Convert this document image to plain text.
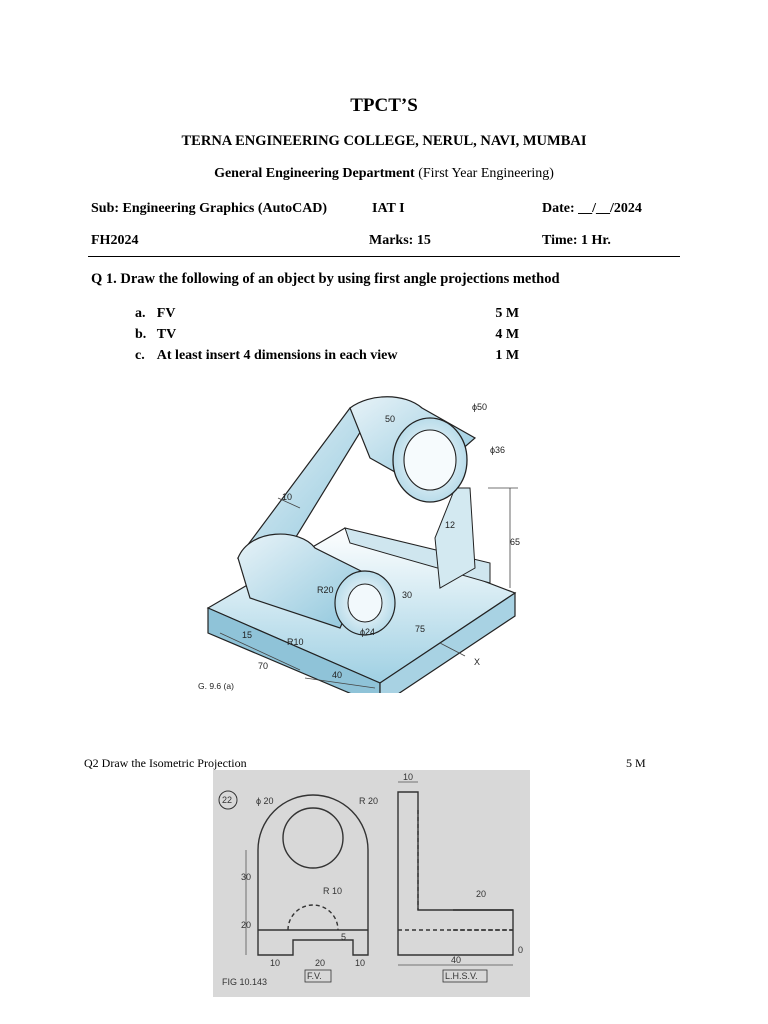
TPCT’S
TERNA ENGINEERING COLLEGE, NERUL, NAVI, MUMBAI
General Engineering Department (First Year Engineering)
Sub: Engineering Graphics (AutoCAD)	IAT I	Date: __/__/2024
FH2024	Marks: 15	Time: 1 Hr.
Q 1. Draw the following of an object by using first angle projections method
a. FV	5 M
b. TV	4 M
c. At least insert 4 dimensions in each view	1 M
50
ϕ50
ϕ36
10
12
65
R20	30
ϕ24	75
R10
15
70
40
X
G. 9.6 (a)
Q2 Draw the Isometric Projection	5 M
22	ϕ 20	R 20
30
R 10
20
10	20	10
5
10
20
40
0
F.V.	L.H.S.V.
FIG 10.143
